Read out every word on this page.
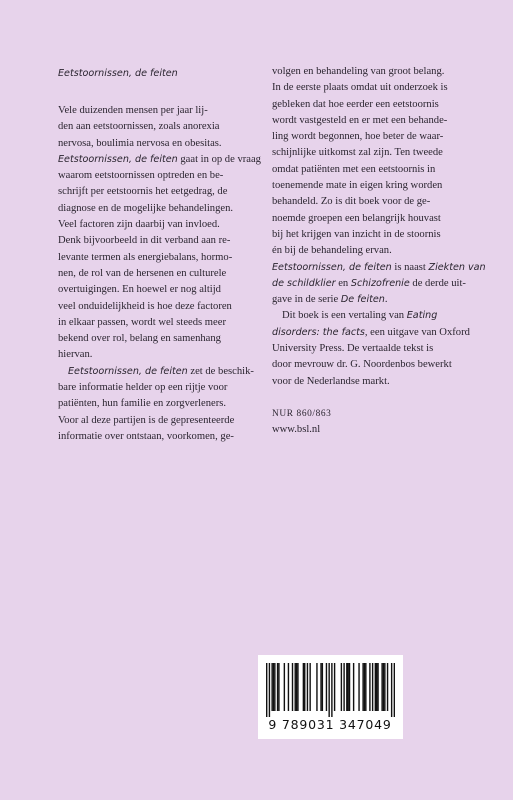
Eetstoornissen, de feiten
Vele duizenden mensen per jaar lij-
den aan eetstoornissen, zoals anorexia
nervosa, boulimia nervosa en obesitas.
Eetstoornissen, de feiten gaat in op de vraag
waarom eetstoornissen optreden en be-
schrijft per eetstoornis het eetgedrag, de
diagnose en de mogelijke behandelingen.
Veel factoren zijn daarbij van invloed.
Denk bijvoorbeeld in dit verband aan re-
levante termen als energiebalans, hormo-
nen, de rol van de hersenen en culturele
overtuigingen. En hoewel er nog altijd
veel onduidelijkheid is hoe deze factoren
in elkaar passen, wordt wel steeds meer
bekend over rol, belang en samenhang
hiervan.
Eetstoornissen, de feiten zet de beschik-
bare informatie helder op een rijtje voor
patiënten, hun familie en zorgverleners.
Voor al deze partijen is de gepresenteerde
informatie over ontstaan, voorkomen, ge-
volgen en behandeling van groot belang.
In de eerste plaats omdat uit onderzoek is
gebleken dat hoe eerder een eetstoornis
wordt vastgesteld en er met een behande-
ling wordt begonnen, hoe beter de waar-
schijnlijke uitkomst zal zijn. Ten tweede
omdat patiënten met een eetstoornis in
toenemende mate in eigen kring worden
behandeld. Zo is dit boek voor de ge-
noemde groepen een belangrijk houvast
bij het krijgen van inzicht in de stoornis
én bij de behandeling ervan.
Eetstoornissen, de feiten is naast Ziekten van
de schildklier en Schizofrenie de derde uit-
gave in de serie De feiten.
Dit boek is een vertaling van Eating
disorders: the facts, een uitgave van Oxford
University Press. De vertaalde tekst is
door mevrouw dr. G. Noordenbos bewerkt
voor de Nederlandse markt.
NUR 860/863
www.bsl.nl
9 789031 347049
